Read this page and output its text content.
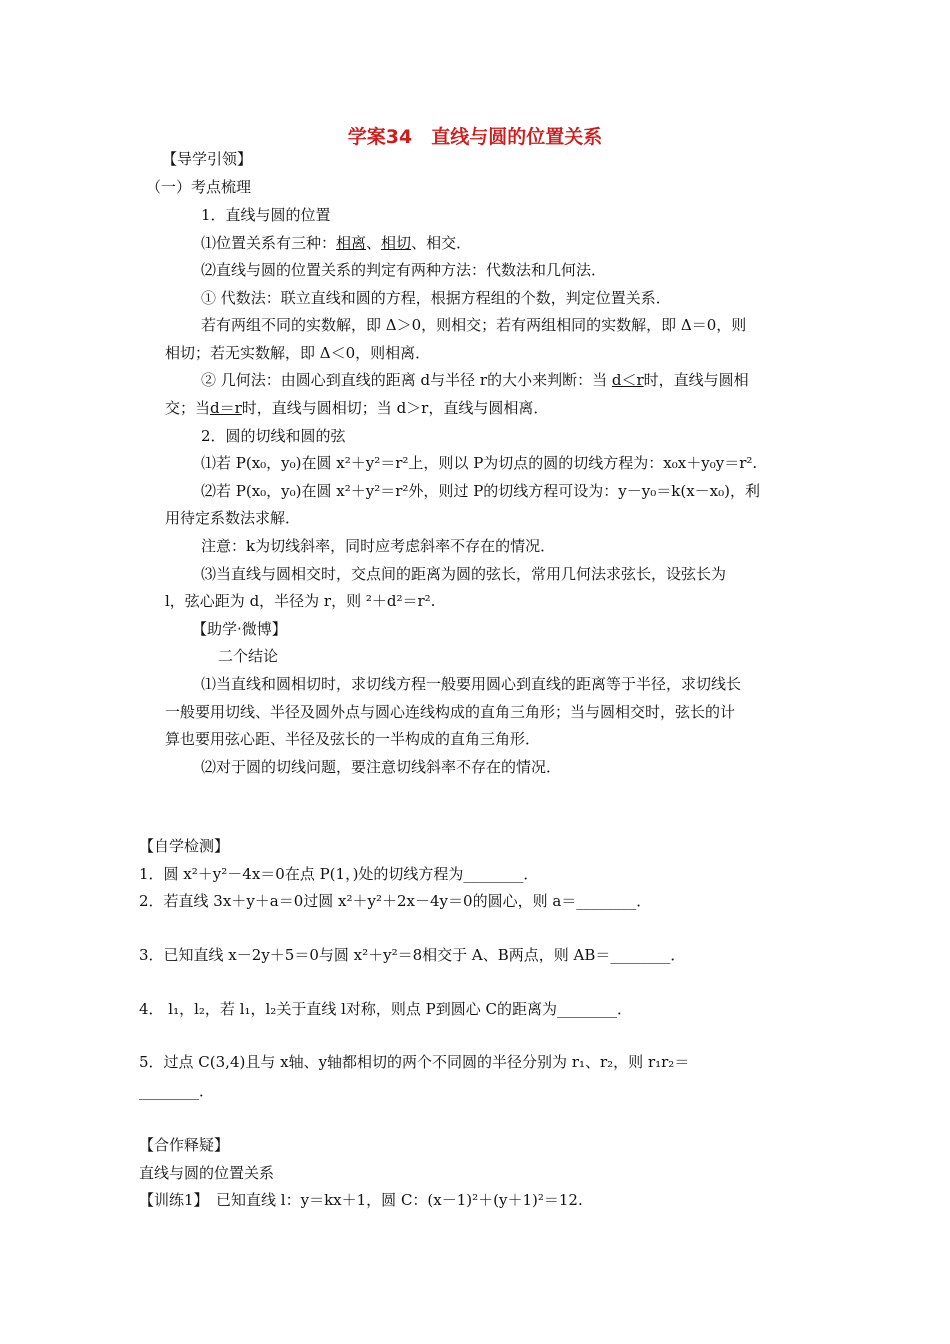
学案34　直线与圆的位置关系
【导学引领】
（一）考点梳理
1．直线与圆的位置
⑴位置关系有三种：相离、相切、相交．
⑵直线与圆的位置关系的判定有两种方法：代数法和几何法．
① 代数法：联立直线和圆的方程，根据方程组的个数，判定位置关系．
若有两组不同的实数解，即 Δ＞0，则相交；若有两组相同的实数解，即 Δ＝0，则
相切；若无实数解，即 Δ＜0，则相离．
② 几何法：由圆心到直线的距离 d与半径 r的大小来判断：当 d＜r时，直线与圆相
交；当d＝r时，直线与圆相切；当 d＞r，直线与圆相离．
2．圆的切线和圆的弦
⑴若 P(x₀，y₀)在圆 x²＋y²＝r²上，则以 P为切点的圆的切线方程为：x₀x＋y₀y＝r².
⑵若 P(x₀，y₀)在圆 x²＋y²＝r²外，则过 P的切线方程可设为：y－y₀＝k(x－x₀)，利
用待定系数法求解．
注意：k为切线斜率，同时应考虑斜率不存在的情况．
⑶当直线与圆相交时，交点间的距离为圆的弦长，常用几何法求弦长，设弦长为
l，弦心距为 d，半径为 r，则 ²＋d²＝r².
【助学·微博】
二个结论
⑴当直线和圆相切时，求切线方程一般要用圆心到直线的距离等于半径，求切线长
一般要用切线、半径及圆外点与圆心连线构成的直角三角形；当与圆相交时，弦长的计
算也要用弦心距、半径及弦长的一半构成的直角三角形．
⑵对于圆的切线问题，要注意切线斜率不存在的情况．
【自学检测】
1．圆 x²＋y²－4x＝0在点 P(1，)处的切线方程为________．
2．若直线 3x＋y＋a＝0过圆 x²＋y²＋2x－4y＝0的圆心，则 a＝________．
3．已知直线 x－2y＋5＝0与圆 x²＋y²＝8相交于 A、B两点，则 AB＝________．
4． l₁，l₂，若 l₁，l₂关于直线 l对称，则点 P到圆心 C的距离为________．
5．过点 C(3,4)且与 x轴、y轴都相切的两个不同圆的半径分别为 r₁、r₂，则 r₁r₂＝
________．
【合作释疑】
直线与圆的位置关系
【训练1】　已知直线 l：y＝kx＋1，圆 C：(x－1)²＋(y＋1)²＝12.
